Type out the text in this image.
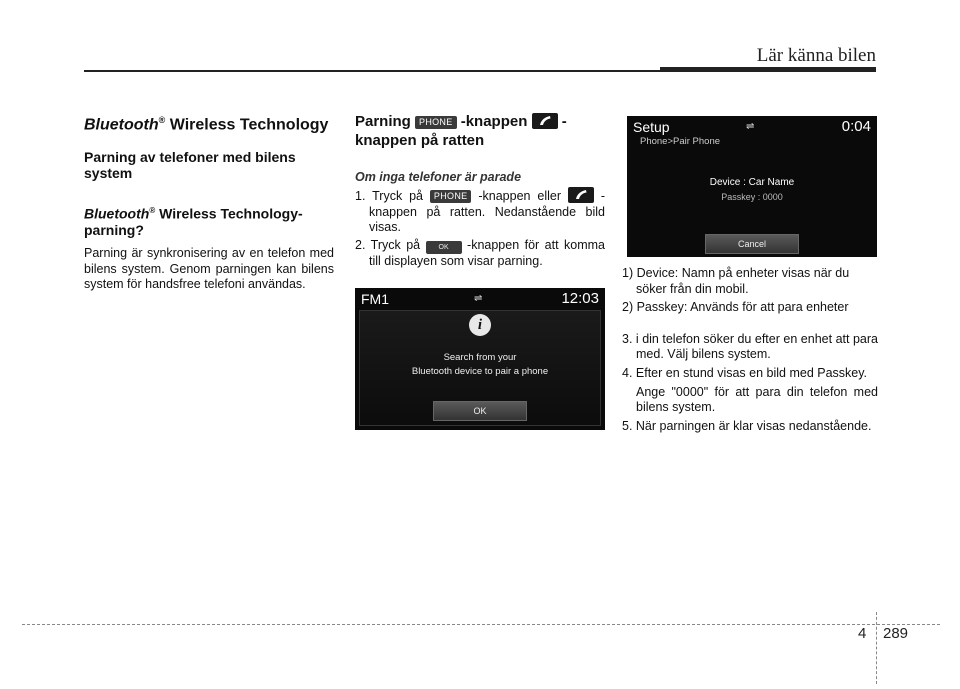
Lär känna bilen
Bluetooth® Wireless Technology
Parning av telefoner med bilens system
Bluetooth® Wireless Technology-parning?
Parning är synkronisering av en telefon med bilens system. Genom parningen kan bilens system för handsfree telefoni användas.
Parning PHONE -knappen
- knappen på ratten
Om inga telefoner är parade
1. Tryck på PHONE -knappen eller
-knappen på ratten. Nedanstående bild visas.
2. Tryck på OK -knappen för att komma till displayen som visar parning.
FM1	⇌	12:03
i
Search from your
Bluetooth device to pair a phone
OK
Setup	⇌	0:04
Phone>Pair Phone
Device : Car Name
Passkey : 0000
Cancel
1) Device: Namn på enheter visas när du söker från din mobil.
2) Passkey: Används för att para enheter
3. i din telefon söker du efter en enhet att para med. Välj bilens system.
4. Efter en stund visas en bild med Passkey.
Ange "0000" för att para din telefon med bilens system.
5. När parningen är klar visas nedanstående.
4 289
